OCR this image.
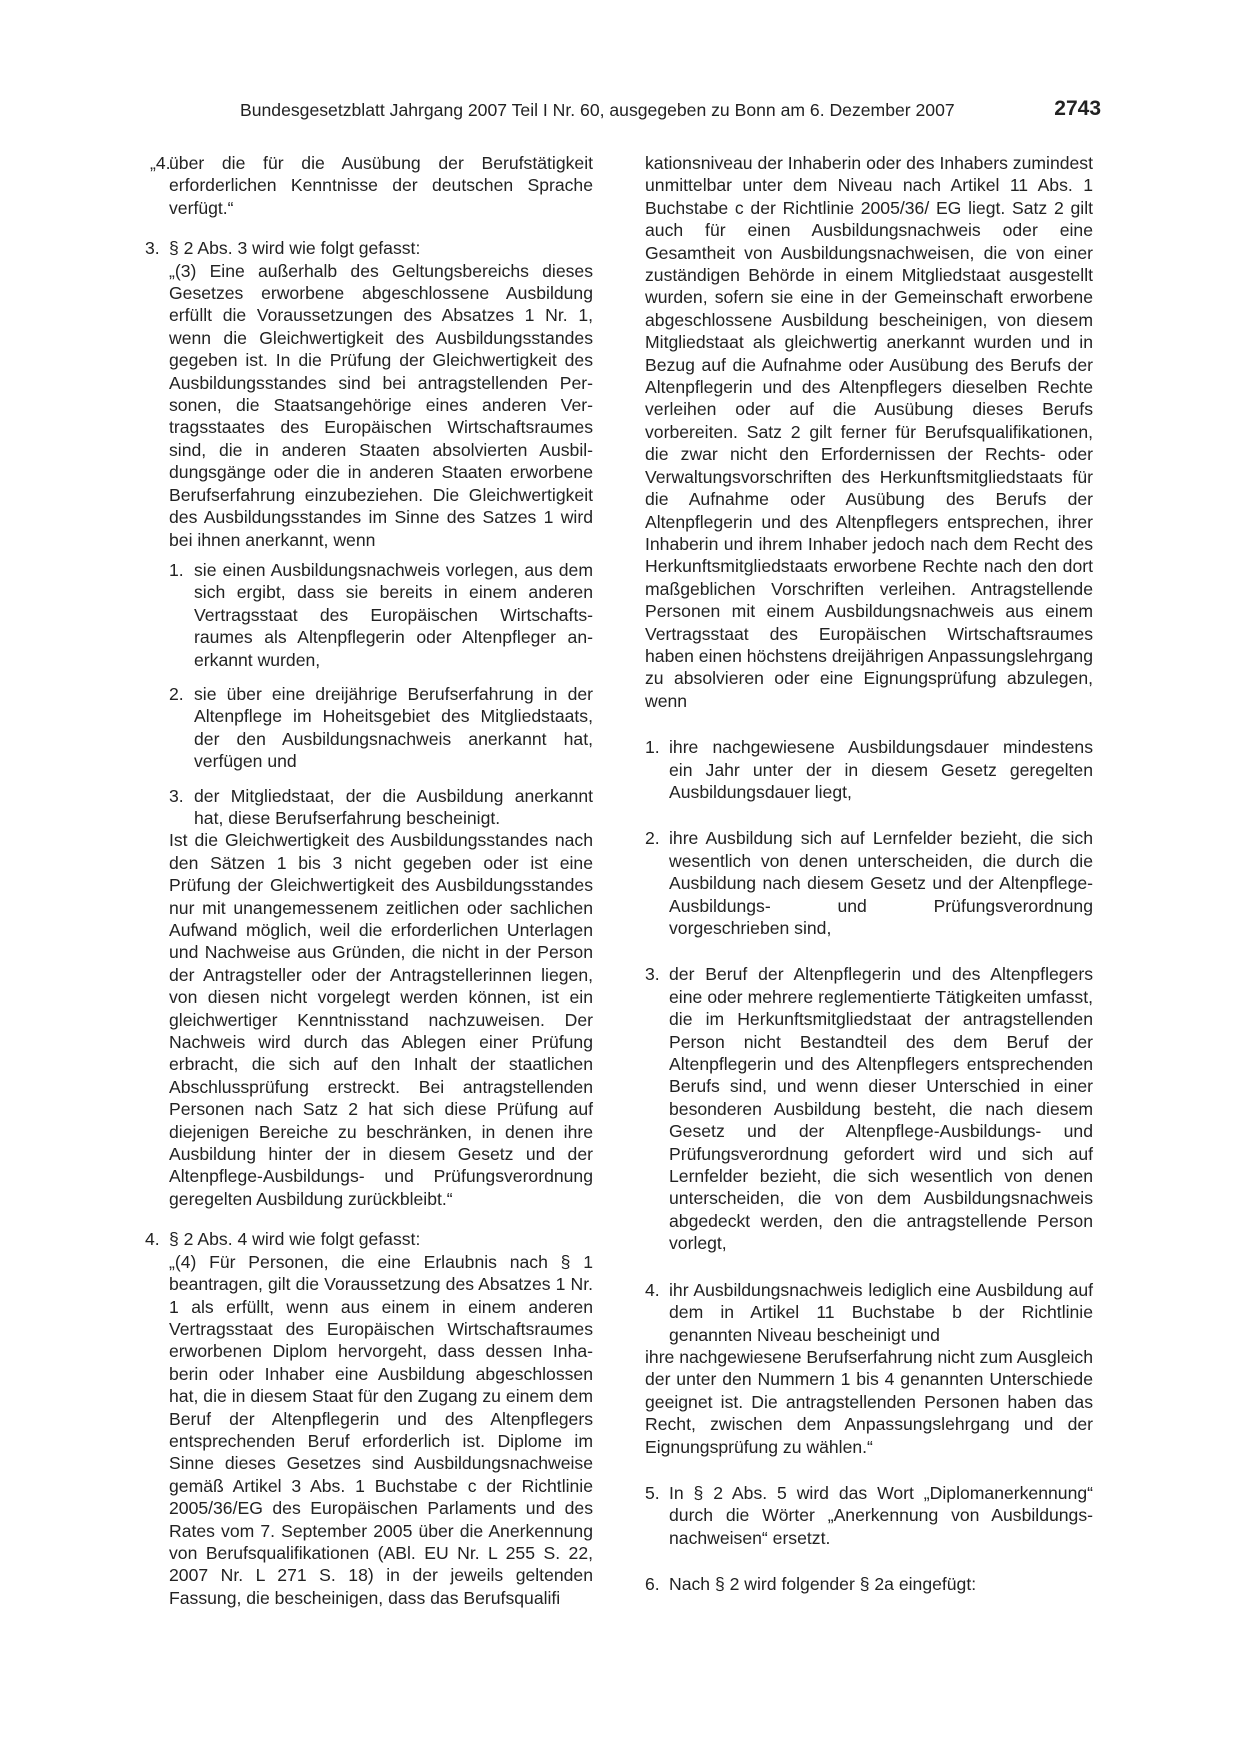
Bundesgesetzblatt Jahrgang 2007 Teil I Nr. 60, ausgegeben zu Bonn am 6. Dezember 2007	2743
„4.

über die für die Ausübung der Berufstätigkeit erforderlichen Kenntnisse der deutschen Sprache verfügt.“

3. § 2 Abs. 3 wird wie folgt gefasst:

„(3) Eine außerhalb des Geltungsbereichs dieses Gesetzes erworbene abgeschlossene Ausbildung erfüllt die Voraussetzungen des Absatzes 1 Nr. 1, wenn die Gleichwertigkeit des Ausbildungsstandes gegeben ist. In die Prüfung der Gleichwertigkeit des Ausbildungsstandes sind bei antragstellenden Personen, die Staatsangehörige eines anderen Vertragsstaates des Europäischen Wirtschaftsraumes sind, die in anderen Staaten absolvierten Ausbildungsgänge oder die in anderen Staaten erworbene Berufserfahrung einzubeziehen. Die Gleichwertigkeit des Ausbildungsstandes im Sinne des Satzes 1 wird bei ihnen anerkannt, wenn

1. sie einen Ausbildungsnachweis vorlegen, aus dem sich ergibt, dass sie bereits in einem anderen Vertragsstaat des Europäischen Wirtschaftsraumes als Altenpflegerin oder Altenpfleger anerkannt wurden,

2. sie über eine dreijährige Berufserfahrung in der Altenpflege im Hoheitsgebiet des Mitgliedstaats, der den Ausbildungsnachweis anerkannt hat, verfügen und

3. der Mitgliedstaat, der die Ausbildung anerkannt hat, diese Berufserfahrung bescheinigt.

Ist die Gleichwertigkeit des Ausbildungsstandes nach den Sätzen 1 bis 3 nicht gegeben oder ist eine Prüfung der Gleichwertigkeit des Ausbildungsstandes nur mit unangemessenem zeitlichen oder sachlichen Aufwand möglich, weil die erforderlichen Unterlagen und Nachweise aus Gründen, die nicht in der Person der Antragsteller oder der Antragstellerinnen liegen, von diesen nicht vorgelegt werden können, ist ein gleichwertiger Kenntnisstand nachzuweisen. Der Nachweis wird durch das Ablegen einer Prüfung erbracht, die sich auf den Inhalt der staatlichen Abschlussprüfung erstreckt. Bei antragstellenden Personen nach Satz 2 hat sich diese Prüfung auf diejenigen Bereiche zu beschränken, in denen ihre Ausbildung hinter der in diesem Gesetz und der Altenpflege-Ausbildungs- und Prüfungsverordnung geregelten Ausbildung zurückbleibt.“

4. § 2 Abs. 4 wird wie folgt gefasst:

„(4) Für Personen, die eine Erlaubnis nach § 1 beantragen, gilt die Voraussetzung des Absatzes 1 Nr. 1 als erfüllt, wenn aus einem in einem anderen Vertragsstaat des Europäischen Wirtschaftsraumes erworbenen Diplom hervorgeht, dass dessen Inhaberin oder Inhaber eine Ausbildung abgeschlossen hat, die in diesem Staat für den Zugang zu einem dem Beruf der Altenpflegerin und des Altenpflegers entsprechenden Beruf erforderlich ist. Diplome im Sinne dieses Gesetzes sind Ausbildungsnachweise gemäß Artikel 3 Abs. 1 Buchstabe c der Richtlinie 2005/36/EG des Europäischen Parlaments und des Rates vom 7. September 2005 über die Anerkennung von Berufsqualifikationen (ABl. EU Nr. L 255 S. 22, 2007 Nr. L 271 S. 18) in der jeweils geltenden Fassung, die bescheinigen, dass das Berufsqualifi

kationsniveau der Inhaberin oder des Inhabers zumindest unmittelbar unter dem Niveau nach Artikel 11 Abs. 1 Buchstabe c der Richtlinie 2005/36/ EG liegt. Satz 2 gilt auch für einen Ausbildungsnachweis oder eine Gesamtheit von Ausbildungsnachweisen, die von einer zuständigen Behörde in einem Mitgliedstaat ausgestellt wurden, sofern sie eine in der Gemeinschaft erworbene abgeschlossene Ausbildung bescheinigen, von diesem Mitgliedstaat als gleichwertig anerkannt wurden und in Bezug auf die Aufnahme oder Ausübung des Berufs der Altenpflegerin und des Altenpflegers dieselben Rechte verleihen oder auf die Ausübung dieses Berufs vorbereiten. Satz 2 gilt ferner für Berufsqualifikationen, die zwar nicht den Erfordernissen der Rechts- oder Verwaltungsvorschriften des Herkunftsmitgliedstaats für die Aufnahme oder Ausübung des Berufs der Altenpflegerin und des Altenpflegers entsprechen, ihrer Inhaberin und ihrem Inhaber jedoch nach dem Recht des Herkunftsmitgliedstaats erworbene Rechte nach den dort maßgeblichen Vorschriften verleihen. Antragstellende Personen mit einem Ausbildungsnachweis aus einem Vertragsstaat des Europäischen Wirtschaftsraumes haben einen höchstens dreijährigen Anpassungslehrgang zu absolvieren oder eine Eignungsprüfung abzulegen, wenn

1. ihre nachgewiesene Ausbildungsdauer mindestens ein Jahr unter der in diesem Gesetz geregelten Ausbildungsdauer liegt,

2. ihre Ausbildung sich auf Lernfelder bezieht, die sich wesentlich von denen unterscheiden, die durch die Ausbildung nach diesem Gesetz und der Altenpflege-Ausbildungs- und Prüfungsverordnung vorgeschrieben sind,

3. der Beruf der Altenpflegerin und des Altenpflegers eine oder mehrere reglementierte Tätigkeiten umfasst, die im Herkunftsmitgliedstaat der antragstellenden Person nicht Bestandteil des dem Beruf der Altenpflegerin und des Altenpflegers entsprechenden Berufs sind, und wenn dieser Unterschied in einer besonderen Ausbildung besteht, die nach diesem Gesetz und der Altenpflege-Ausbildungs- und Prüfungsverordnung gefordert wird und sich auf Lernfelder bezieht, die sich wesentlich von denen unterscheiden, die von dem Ausbildungsnachweis abgedeckt werden, den die antragstellende Person vorlegt,

4. ihr Ausbildungsnachweis lediglich eine Ausbildung auf dem in Artikel 11 Buchstabe b der Richtlinie genannten Niveau bescheinigt und

ihre nachgewiesene Berufserfahrung nicht zum Ausgleich der unter den Nummern 1 bis 4 genannten Unterschiede geeignet ist. Die antragstellenden Personen haben das Recht, zwischen dem Anpassungslehrgang und der Eignungsprüfung zu wählen.“

5. In § 2 Abs. 5 wird das Wort „Diplomanerkennung“ durch die Wörter „Anerkennung von Ausbildungsnachweisen“ ersetzt.

6. Nach § 2 wird folgender § 2a eingefügt:
